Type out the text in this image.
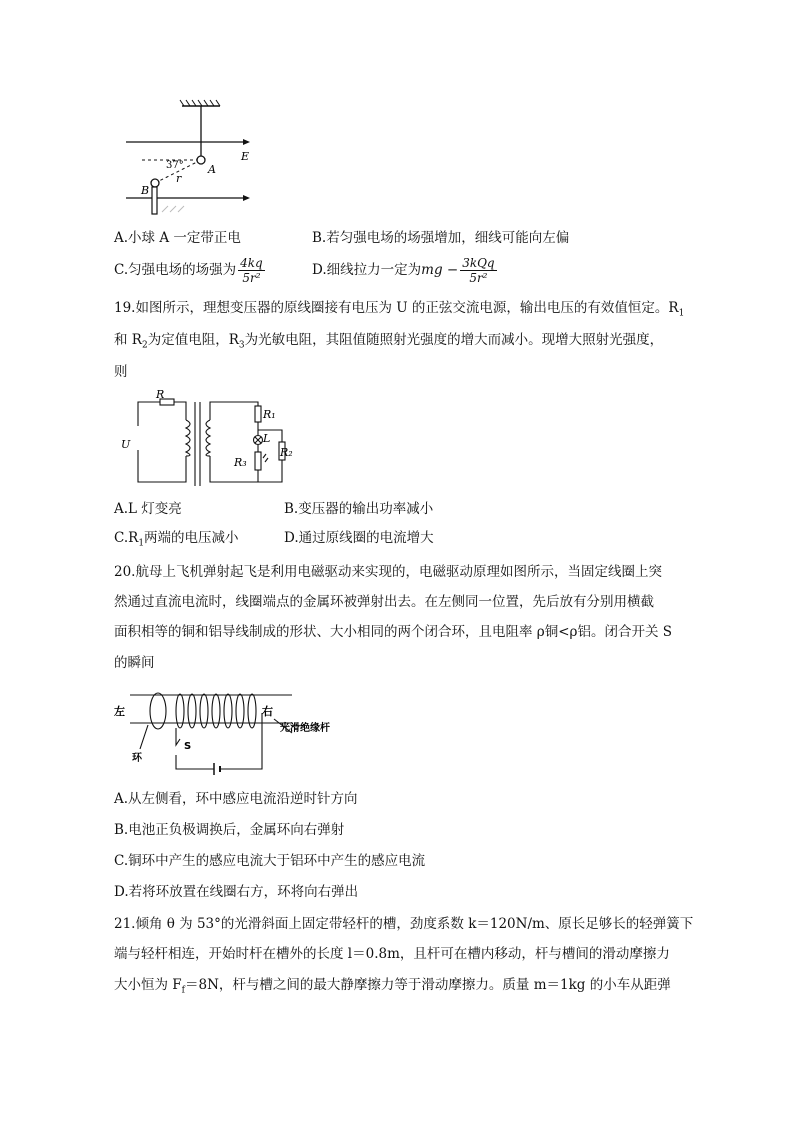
E
A
B
37°
r
A.小球 A 一定带正电	B.若匀强电场的场强增加，细线可能向左偏
C.匀强电场的场强为 $\frac{4kq}{\text{5r²}}$	D.细线拉力一定为mg − $\frac{\text{3kQq}}{\text{5r²}}$
19.如图所示，理想变压器的原线圈接有电压为 U 的正弦交流电源，输出电压的有效值恒定。$R_1$
和 $R_2$为定值电阻，$R_3$为光敏电阻，其阻值随照射光强度的增大而减小。现增大照射光强度，
则
R
U
R₁
L
R₂
R₃
A.L 灯变亮	B.变压器的输出功率减小
$C.R_1$两端的电压减小	D.通过原线圈的电流增大
20.航母上飞机弹射起飞是利用电磁驱动来实现的，电磁驱动原理如图所示，当固定线圈上突
然通过直流电流时，线圈端点的金属环被弹射出去。在左侧同一位置，先后放有分别用横截
面积相等的铜和铝导线制成的形状、大小相同的两个闭合环，且电阻率 ρ铜<ρ铝。闭合开关 S
的瞬间
左	右
光滑绝缘杆
环
S
A.从左侧看，环中感应电流沿逆时针方向
B.电池正负极调换后，金属环向右弹射
C.铜环中产生的感应电流大于铝环中产生的感应电流
D.若将环放置在线圈右方，环将向右弹出
21.倾角 θ 为 53°的光滑斜面上固定带轻杆的槽，劲度系数 k＝120N/m、原长足够长的轻弹簧下
端与轻杆相连，开始时杆在槽外的长度 l＝0.8m，且杆可在槽内移动，杆与槽间的滑动摩擦力
大小恒为 $F_f=8N$，杆与槽之间的最大静摩擦力等于滑动摩擦力。质量 m＝1kg 的小车从距弹
